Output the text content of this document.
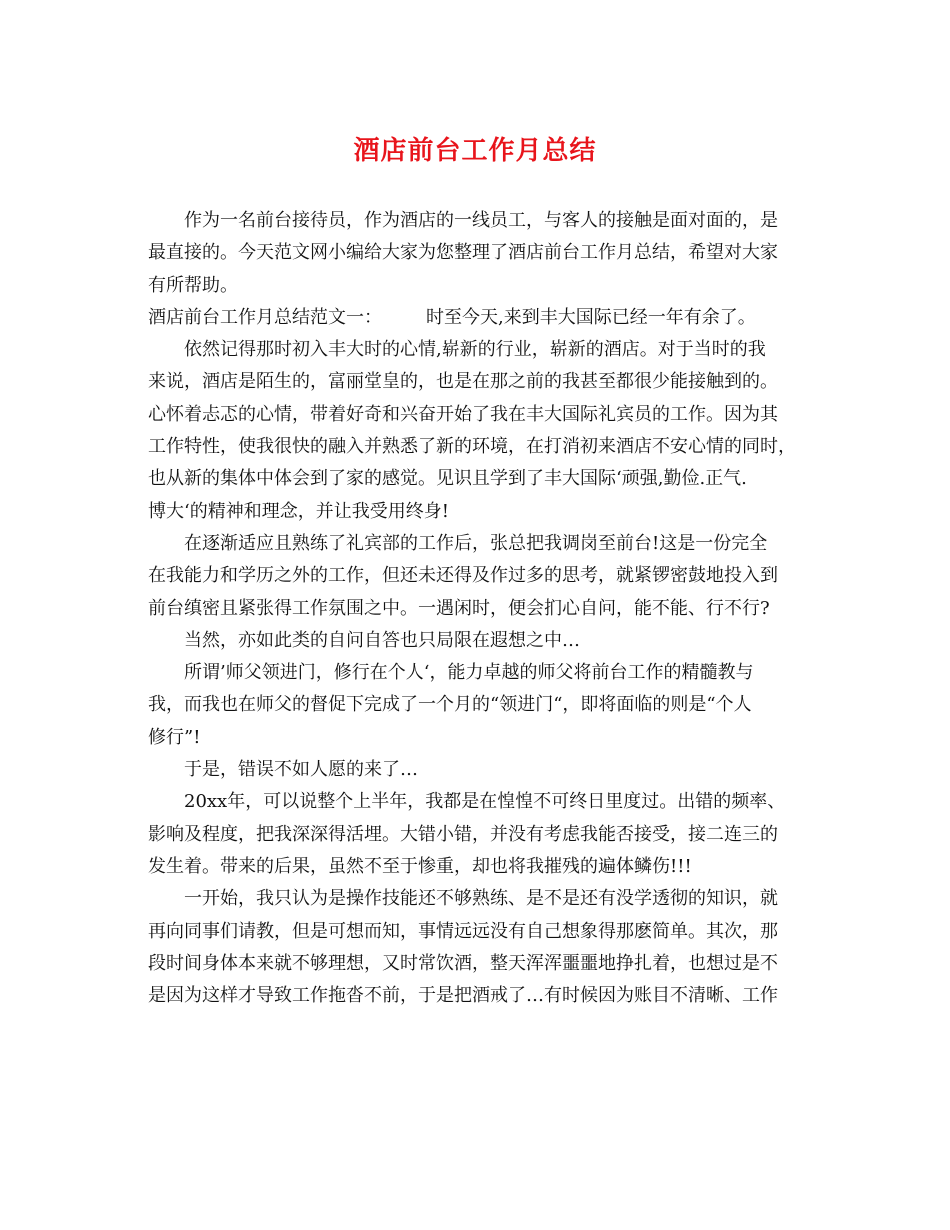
酒店前台工作月总结
作为一名前台接待员，作为酒店的一线员工，与客人的接触是面对面的，是
最直接的。今天范文网小编给大家为您整理了酒店前台工作月总结，希望对大家
有所帮助。
酒店前台工作月总结范文一： 时至今天,来到丰大国际已经一年有余了。
依然记得那时初入丰大时的心情,崭新的行业，崭新的酒店。对于当时的我
来说，酒店是陌生的，富丽堂皇的，也是在那之前的我甚至都很少能接触到的。
心怀着忐忑的心情，带着好奇和兴奋开始了我在丰大国际礼宾员的工作。因为其
工作特性，使我很快的融入并熟悉了新的环境，在打消初来酒店不安心情的同时，
也从新的集体中体会到了家的感觉。见识且学到了丰大国际‘顽强,勤俭.正气.
博大‘的精神和理念，并让我受用终身!
在逐渐适应且熟练了礼宾部的工作后，张总把我调岗至前台!这是一份完全
在我能力和学历之外的工作，但还未还得及作过多的思考，就紧锣密鼓地投入到
前台缜密且紧张得工作氛围之中。一遇闲时，便会扪心自问，能不能、行不行?
当然，亦如此类的自问自答也只局限在遐想之中…
所谓’师父领进门，修行在个人‘，能力卓越的师父将前台工作的精髓教与
我，而我也在师父的督促下完成了一个月的“领进门“，即将面临的则是“个人
修行”!
于是，错误不如人愿的来了…
20xx年，可以说整个上半年，我都是在惶惶不可终日里度过。出错的频率、
影响及程度，把我深深得活埋。大错小错，并没有考虑我能否接受，接二连三的
发生着。带来的后果，虽然不至于惨重，却也将我摧残的遍体鳞伤!!!
一开始，我只认为是操作技能还不够熟练、是不是还有没学透彻的知识，就
再向同事们请教，但是可想而知，事情远远没有自己想象得那麽简单。其次，那
段时间身体本来就不够理想，又时常饮酒，整天浑浑噩噩地挣扎着，也想过是不
是因为这样才导致工作拖沓不前，于是把酒戒了…有时候因为账目不清晰、工作
